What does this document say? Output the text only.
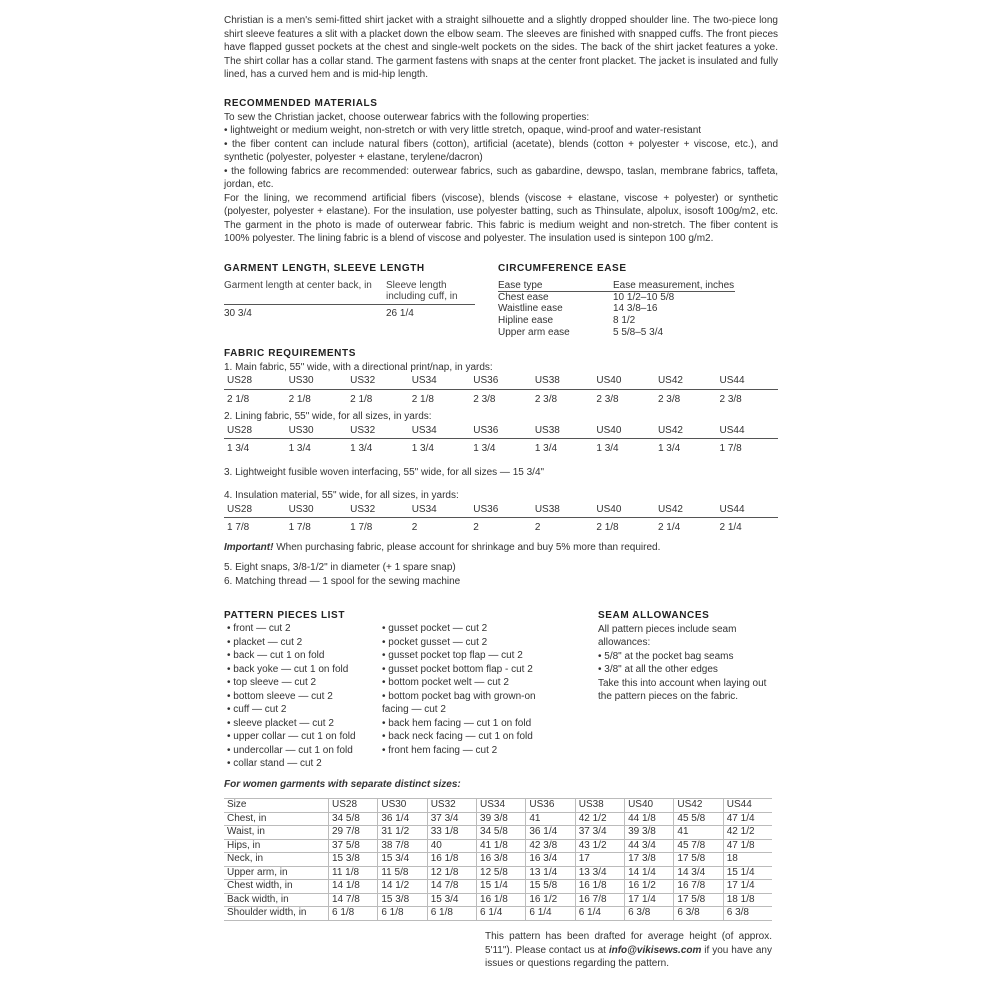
Christian is a men's semi-fitted shirt jacket with a straight silhouette and a slightly dropped shoulder line. The two-piece long shirt sleeve features a slit with a placket down the elbow seam. The sleeves are finished with snapped cuffs. The front pieces have flapped gusset pockets at the chest and single-welt pockets on the sides. The back of the shirt jacket features a yoke. The shirt collar has a collar stand. The garment fastens with snaps at the center front placket. The jacket is insulated and fully lined, has a curved hem and is mid-hip length.

RECOMMENDED MATERIALS
To sew the Christian jacket, choose outerwear fabrics with the following properties:
• lightweight or medium weight, non-stretch or with very little stretch, opaque, wind-proof and water-resistant
• the fiber content can include natural fibers (cotton), artificial (acetate), blends (cotton + polyester + viscose, etc.), and synthetic (polyester, polyester + elastane, terylene/dacron)
• the following fabrics are recommended: outerwear fabrics, such as gabardine, dewspo, taslan, membrane fabrics, taffeta, jordan, etc.
For the lining, we recommend artificial fibers (viscose), blends (viscose + elastane, viscose + polyester) or synthetic (polyester, polyester + elastane). For the insulation, use polyester batting, such as Thinsulate, alpolux, isosoft 100g/m2, etc. The garment in the photo is made of outerwear fabric. This fabric is medium weight and non-stretch. The fiber content is 100% polyester. The lining fabric is a blend of viscose and polyester. The insulation used is sintepon 100 g/m2.
GARMENT LENGTH, SLEEVE LENGTH
Garment length at center back, in	Sleeve length including cuff, in
30 3/4	26 1/4
CIRCUMFERENCE EASE
Ease type	Ease measurement, inches
Chest ease	10 1/2–10 5/8
Waistline ease	14 3/8–16
Hipline ease	8 1/2
Upper arm ease	5 5/8–5 3/4
FABRIC REQUIREMENTS
1. Main fabric, 55" wide, with a directional print/nap, in yards:
US28	US30	US32	US34	US36	US38	US40	US42	US44
2 1/8	2 1/8	2 1/8	2 1/8	2 3/8	2 3/8	2 3/8	2 3/8	2 3/8
2. Lining fabric, 55" wide, for all sizes, in yards:
US28	US30	US32	US34	US36	US38	US40	US42	US44
1 3/4	1 3/4	1 3/4	1 3/4	1 3/4	1 3/4	1 3/4	1 3/4	1 7/8
3. Lightweight fusible woven interfacing, 55" wide, for all sizes — 15 3/4"
4. Insulation material, 55" wide, for all sizes, in yards:
US28	US30	US32	US34	US36	US38	US40	US42	US44
1 7/8	1 7/8	1 7/8	2	2	2	2 1/8	2 1/4	2 1/4
Important! When purchasing fabric, please account for shrinkage and buy 5% more than required.
5. Eight snaps, 3/8-1/2" in diameter (+ 1 spare snap)
6. Matching thread — 1 spool for the sewing machine
PATTERN PIECES LIST
• front — cut 2
• placket — cut 2
• back — cut 1 on fold
• back yoke — cut 1 on fold
• top sleeve — cut 2
• bottom sleeve — cut 2
• cuff — cut 2
• sleeve placket — cut 2
• upper collar — cut 1 on fold
• undercollar — cut 1 on fold
• collar stand — cut 2
• gusset pocket — cut 2
• pocket gusset — cut 2
• gusset pocket top flap — cut 2
• gusset pocket bottom flap - cut 2
• bottom pocket welt — cut 2
• bottom pocket bag with grown-on
facing — cut 2
• back hem facing — cut 1 on fold
• back neck facing — cut 1 on fold
• front hem facing — cut 2
SEAM ALLOWANCES
All pattern pieces include seam allowances:
• 5/8" at the pocket bag seams
• 3/8" at all the other edges
Take this into account when laying out the pattern pieces on the fabric.
For women garments with separate distinct sizes:
Size	US28	US30	US32	US34	US36	US38	US40	US42	US44
Chest, in	34 5/8	36 1/4	37 3/4	39 3/8	41	42 1/2	44 1/8	45 5/8	47 1/4
Waist, in	29 7/8	31 1/2	33 1/8	34 5/8	36 1/4	37 3/4	39 3/8	41	42 1/2
Hips, in	37 5/8	38 7/8	40	41 1/8	42 3/8	43 1/2	44 3/4	45 7/8	47 1/8
Neck, in	15 3/8	15 3/4	16 1/8	16 3/8	16 3/4	17	17 3/8	17 5/8	18
Upper arm, in	11 1/8	11 5/8	12 1/8	12 5/8	13 1/4	13 3/4	14 1/4	14 3/4	15 1/4
Chest width, in	14 1/8	14 1/2	14 7/8	15 1/4	15 5/8	16 1/8	16 1/2	16 7/8	17 1/4
Back width, in	14 7/8	15 3/8	15 3/4	16 1/8	16 1/2	16 7/8	17 1/4	17 5/8	18 1/8
Shoulder width, in	6 1/8	6 1/8	6 1/8	6 1/4	6 1/4	6 1/4	6 3/8	6 3/8	6 3/8

This pattern has been drafted for average height (of approx. 5'11"). Please contact us at info@vikisews.com if you have any issues or questions regarding the pattern.
